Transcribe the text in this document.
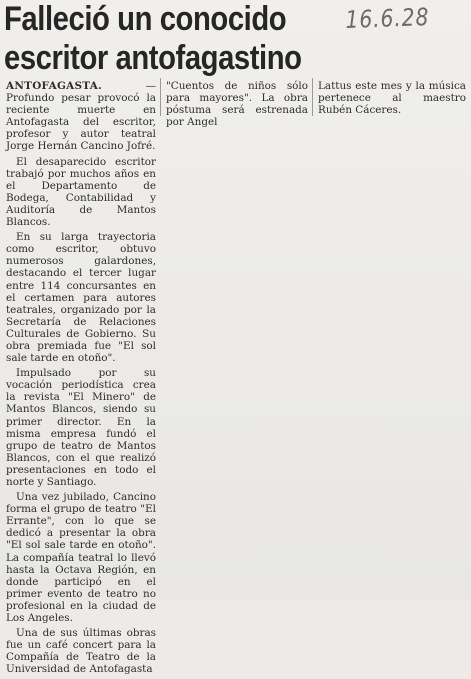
Falleció un conocido
escritor antofagastino
16.6.28

ANTOFAGASTA.	— Profundo pesar provocó la reciente muerte en Antofagasta del escritor, profesor y autor teatral Jorge Hernán Cancino Jofré.

El desaparecido escritor trabajó por muchos años en el Departamento de Bodega, Contabilidad y Auditoría de Mantos Blancos.

En su larga trayectoria como escritor, obtuvo numerosos galardones, destacando el tercer lugar entre 114 concursantes en el certamen para autores teatrales, organizado por la Secretaría de Relaciones Culturales de Gobierno. Su obra premiada fue "El sol sale tarde en otoño".

Impulsado por su vocación periodística crea la revista "El Minero" de Mantos Blancos, siendo su primer director. En la misma empresa fundó el grupo de teatro de Mantos Blancos, con el que realizó presentaciones en todo el norte y Santiago.

Una vez jubilado, Cancino forma el grupo de teatro "El Errante", con lo que se dedicó a presentar la obra "El sol sale tarde en otoño". La compañía teatral lo llevó hasta la Octava Región, en donde participó en el primer evento de teatro no profesional en la ciudad de Los Angeles.

Una de sus últimas obras fue un café concert para la Compañía de Teatro de la Universidad de Antofagasta

"Cuentos de niños sólo para mayores". La obra póstuma será estrenada por Angel

Lattus este mes y la música pertenece al maestro Rubén Cáceres.
